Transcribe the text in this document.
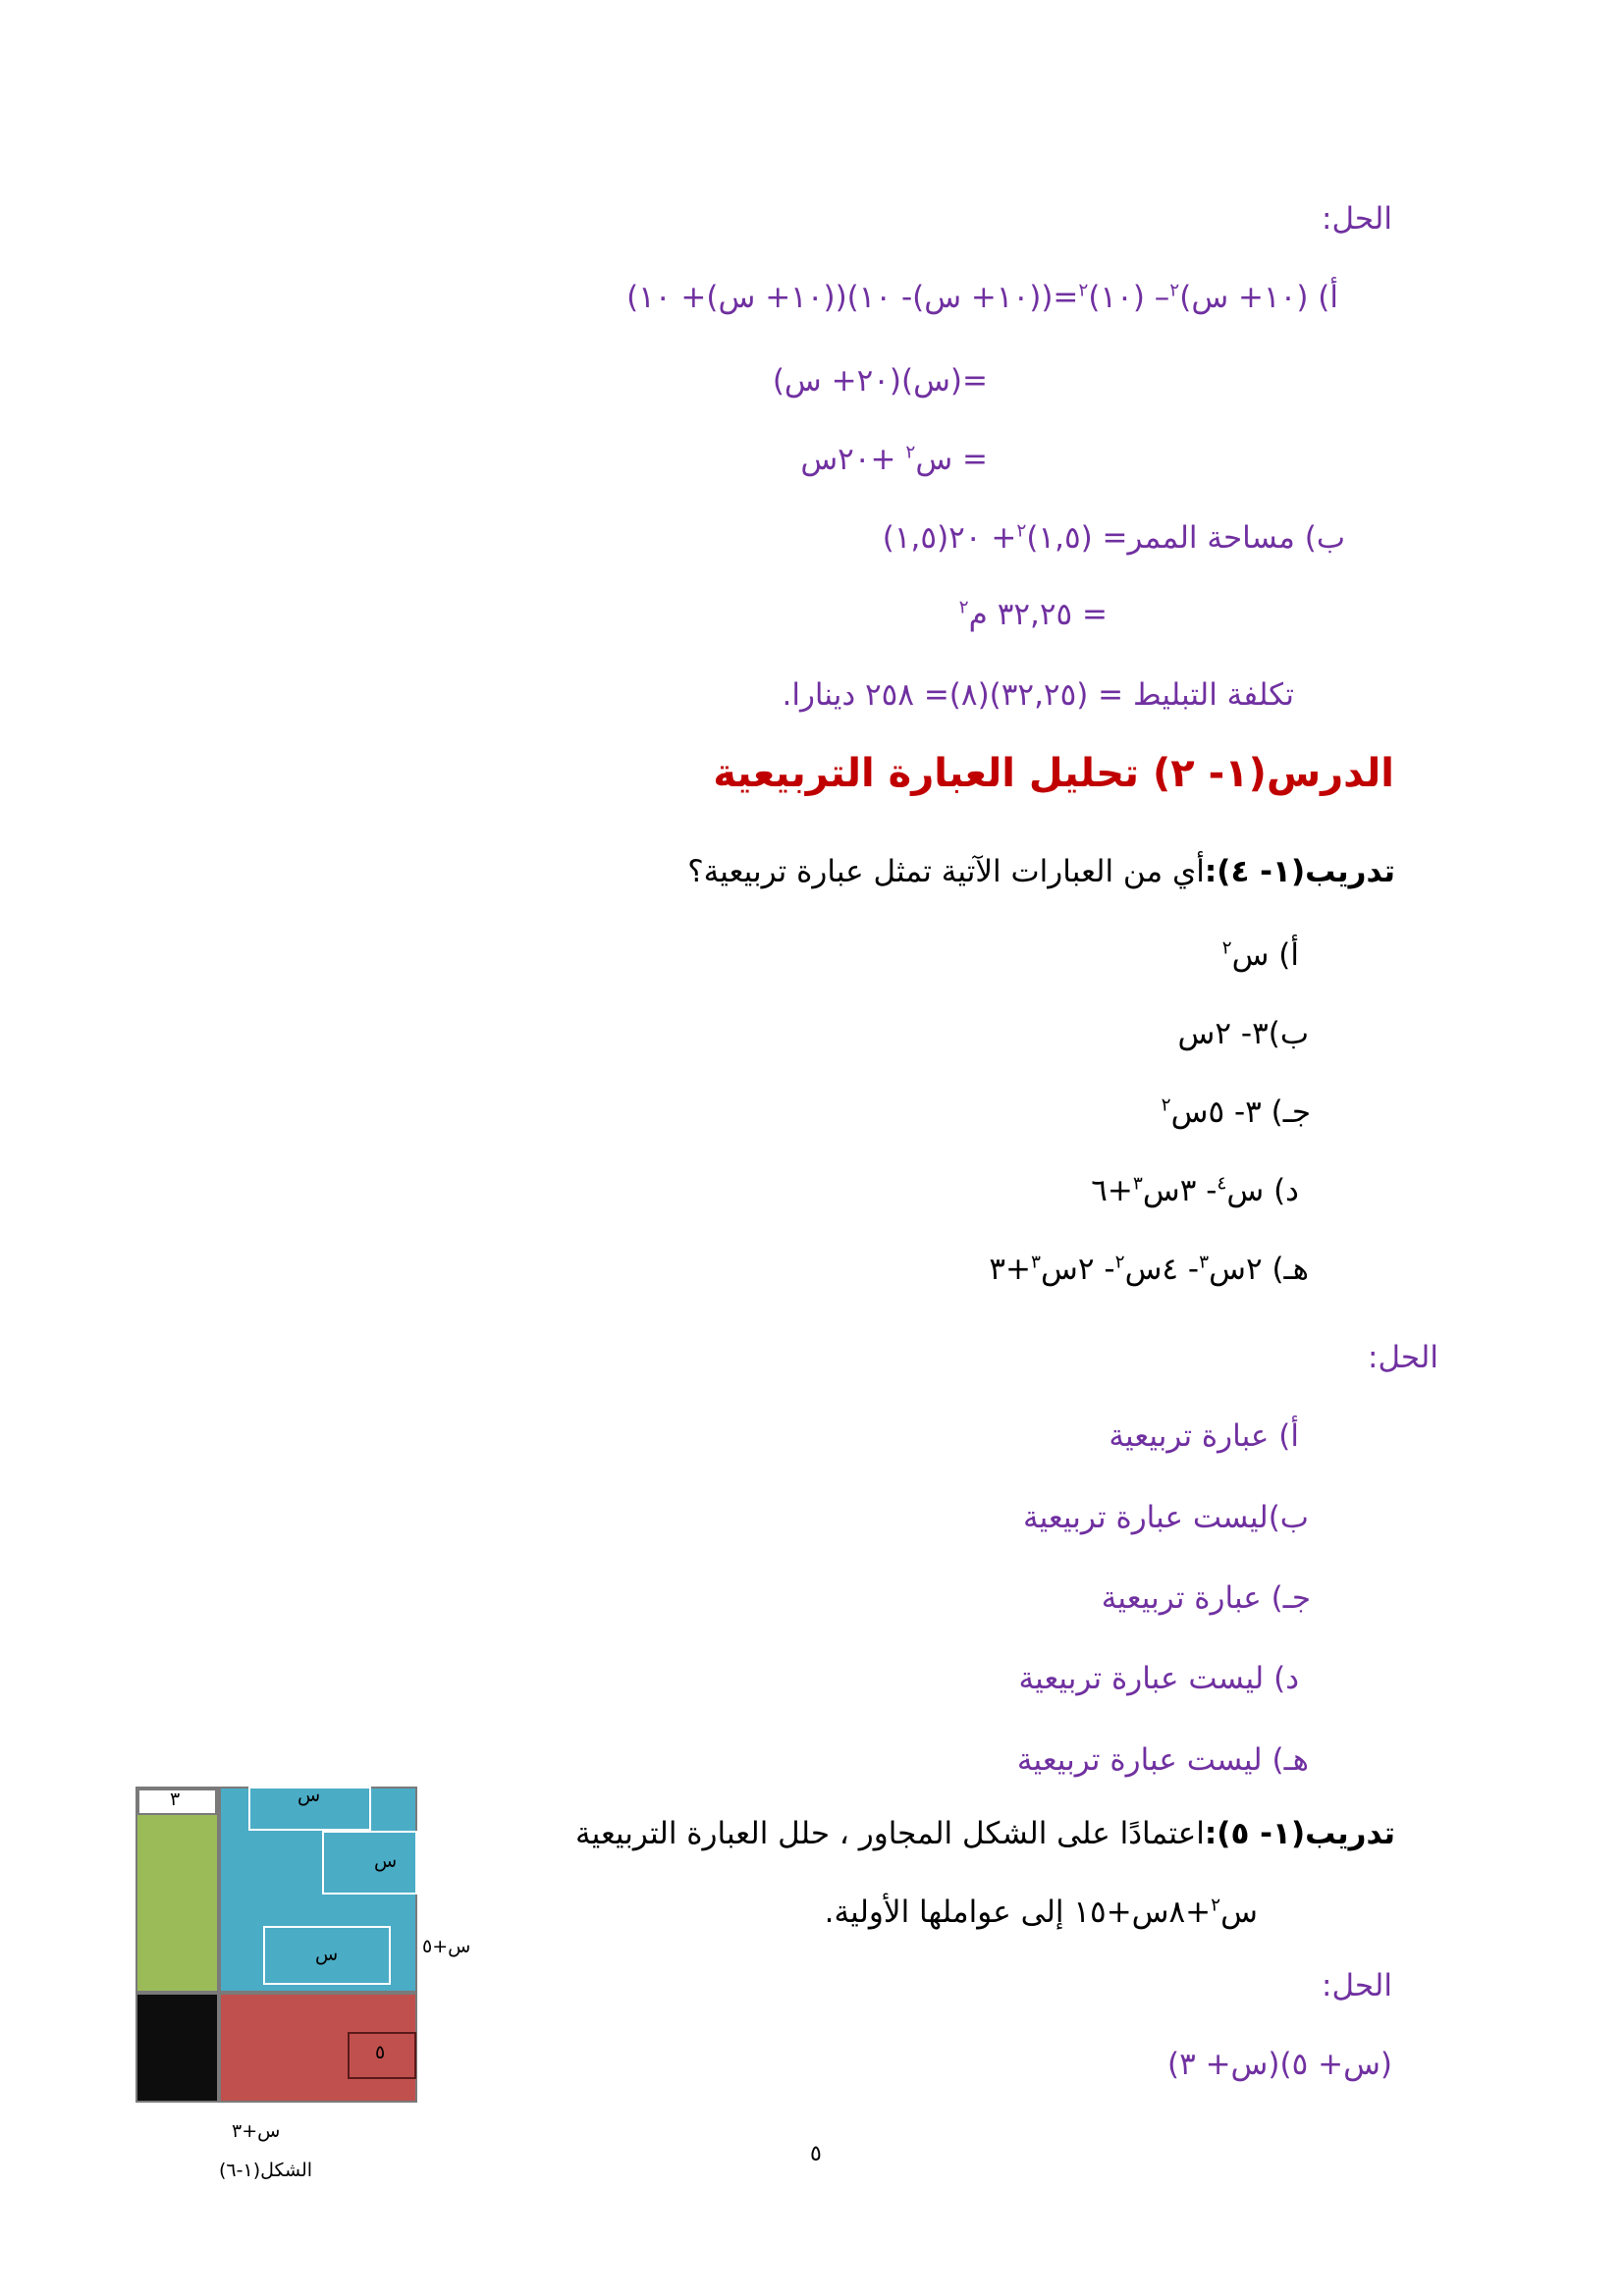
الحل:
أ) (١٠+ س)$^٢$– (١٠)$^٢$=((١٠+ س)- ١٠)((١٠+ س)+ ١٠)
=(س)(٢٠+ س)
= س$^٢$ +٢٠س
ب) مساحة الممر= (١,٥)$^٢$+ ٢٠(١,٥)
= ٣٢,٢٥ م$^٢$
تكلفة التبليط = (٣٢,٢٥)(٨)= ٢٥٨ دينارا.
الدرس(١- ٢) تحليل العبارة التربيعية
تدريب(١- ٤):أي من العبارات الآتية تمثل عبارة تربيعية؟
أ) س$^٢$
ب)٣- ٢س
جـ) ٣- ٥س$^٢$
د) س$^٤$- ٣س$^٣$+٦
هـ) ٢س$^٣$- ٤س$^٢$- ٢س$^٣$+٣
الحل:
أ) عبارة تربيعية
ب)ليست عبارة تربيعية
جـ) عبارة تربيعية
د) ليست عبارة تربيعية
هـ) ليست عبارة تربيعية
تدريب(١- ٥):اعتمادًا على الشكل المجاور ، حلل العبارة التربيعية
س$^٢$+٨س+١٥ إلى عواملها الأولية.
الحل:
(س+ ٥)(س+ ٣)
٣	س
س
س
٥
س+٥
س+٣
الشكل(١-٦)
٥
